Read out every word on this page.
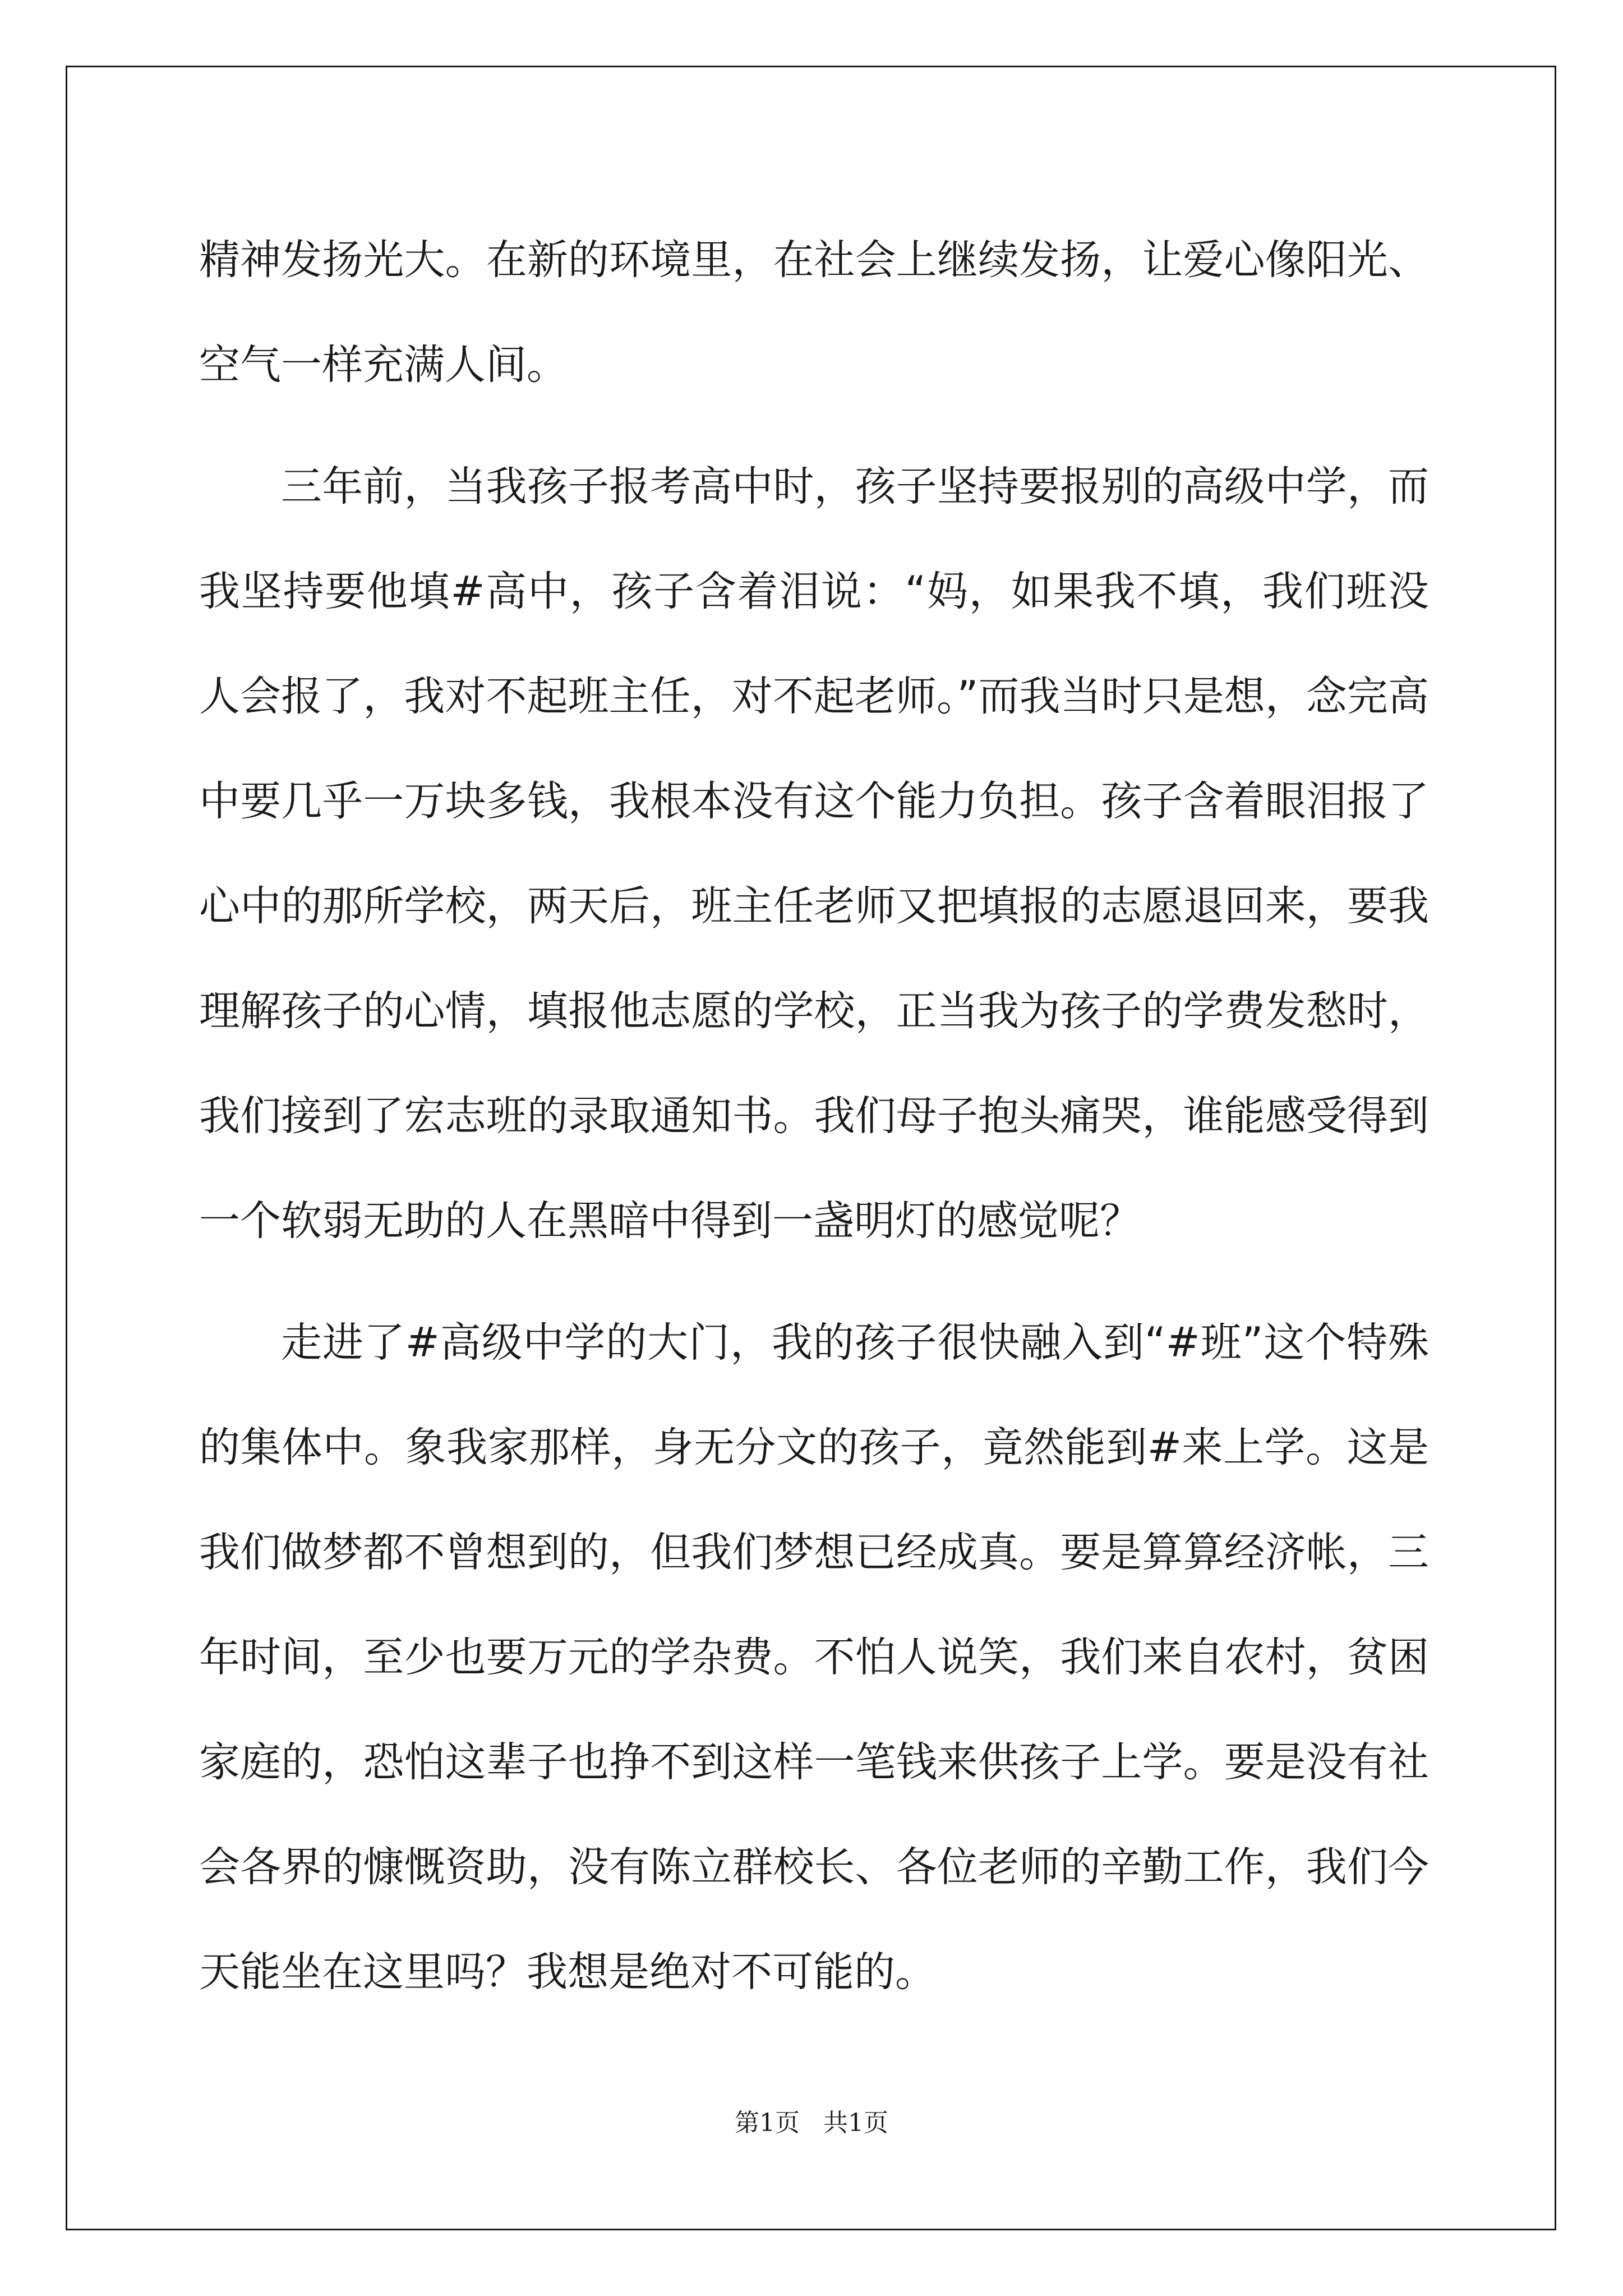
精神发扬光大。在新的环境里，在社会上继续发扬，让爱心像阳光、空气一样充满人间。

三年前，当我孩子报考高中时，孩子坚持要报别的高级中学，而我坚持要他填#高中，孩子含着泪说：“妈，如果我不填，我们班没人会报了，我对不起班主任，对不起老师。”而我当时只是想，念完高中要几乎一万块多钱，我根本没有这个能力负担。孩子含着眼泪报了心中的那所学校，两天后，班主任老师又把填报的志愿退回来，要我理解孩子的心情，填报他志愿的学校，正当我为孩子的学费发愁时，我们接到了宏志班的录取通知书。我们母子抱头痛哭，谁能感受得到一个软弱无助的人在黑暗中得到一盏明灯的感觉呢？

走进了#高级中学的大门，我的孩子很快融入到“#班”这个特殊的集体中。象我家那样，身无分文的孩子，竟然能到#来上学。这是我们做梦都不曾想到的，但我们梦想已经成真。要是算算经济帐，三年时间，至少也要万元的学杂费。不怕人说笑，我们来自农村，贫困家庭的，恐怕这辈子也挣不到这样一笔钱来供孩子上学。要是没有社会各界的慷慨资助，没有陈立群校长、各位老师的辛勤工作，我们今天能坐在这里吗？我想是绝对不可能的。

第1页 共1页
